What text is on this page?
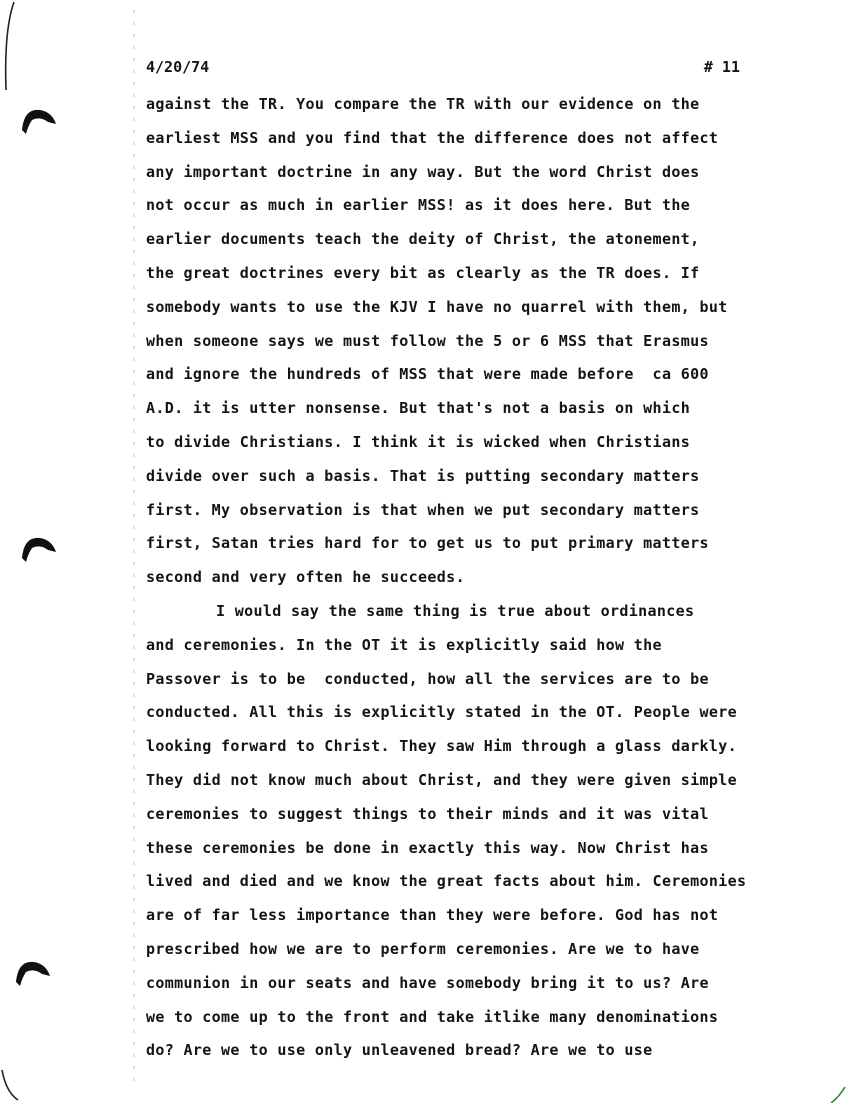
4/20/74	# 11
against the TR. You compare the TR with our evidence on the
earliest MSS and you find that the difference does not affect
any important doctrine in any way. But the word Christ does
not occur as much in earlier MSS! as it does here. But the
earlier documents teach the deity of Christ, the atonement,
the great doctrines every bit as clearly as the TR does. If
somebody wants to use the KJV I have no quarrel with them, but
when someone says we must follow the 5 or 6 MSS that Erasmus
and ignore the hundreds of MSS that were made before  ca 600
A.D. it is utter nonsense. But that's not a basis on which
to divide Christians. I think it is wicked when Christians
divide over such a basis. That is putting secondary matters
first. My observation is that when we put secondary matters
first, Satan tries hard for to get us to put primary matters
second and very often he succeeds.
I would say the same thing is true about ordinances
and ceremonies. In the OT it is explicitly said how the
Passover is to be  conducted, how all the services are to be
conducted. All this is explicitly stated in the OT. People were
looking forward to Christ. They saw Him through a glass darkly.
They did not know much about Christ, and they were given simple
ceremonies to suggest things to their minds and it was vital
these ceremonies be done in exactly this way. Now Christ has
lived and died and we know the great facts about him. Ceremonies
are of far less importance than they were before. God has not
prescribed how we are to perform ceremonies. Are we to have
communion in our seats and have somebody bring it to us? Are
we to come up to the front and take itlike many denominations
do? Are we to use only unleavened bread? Are we to use
